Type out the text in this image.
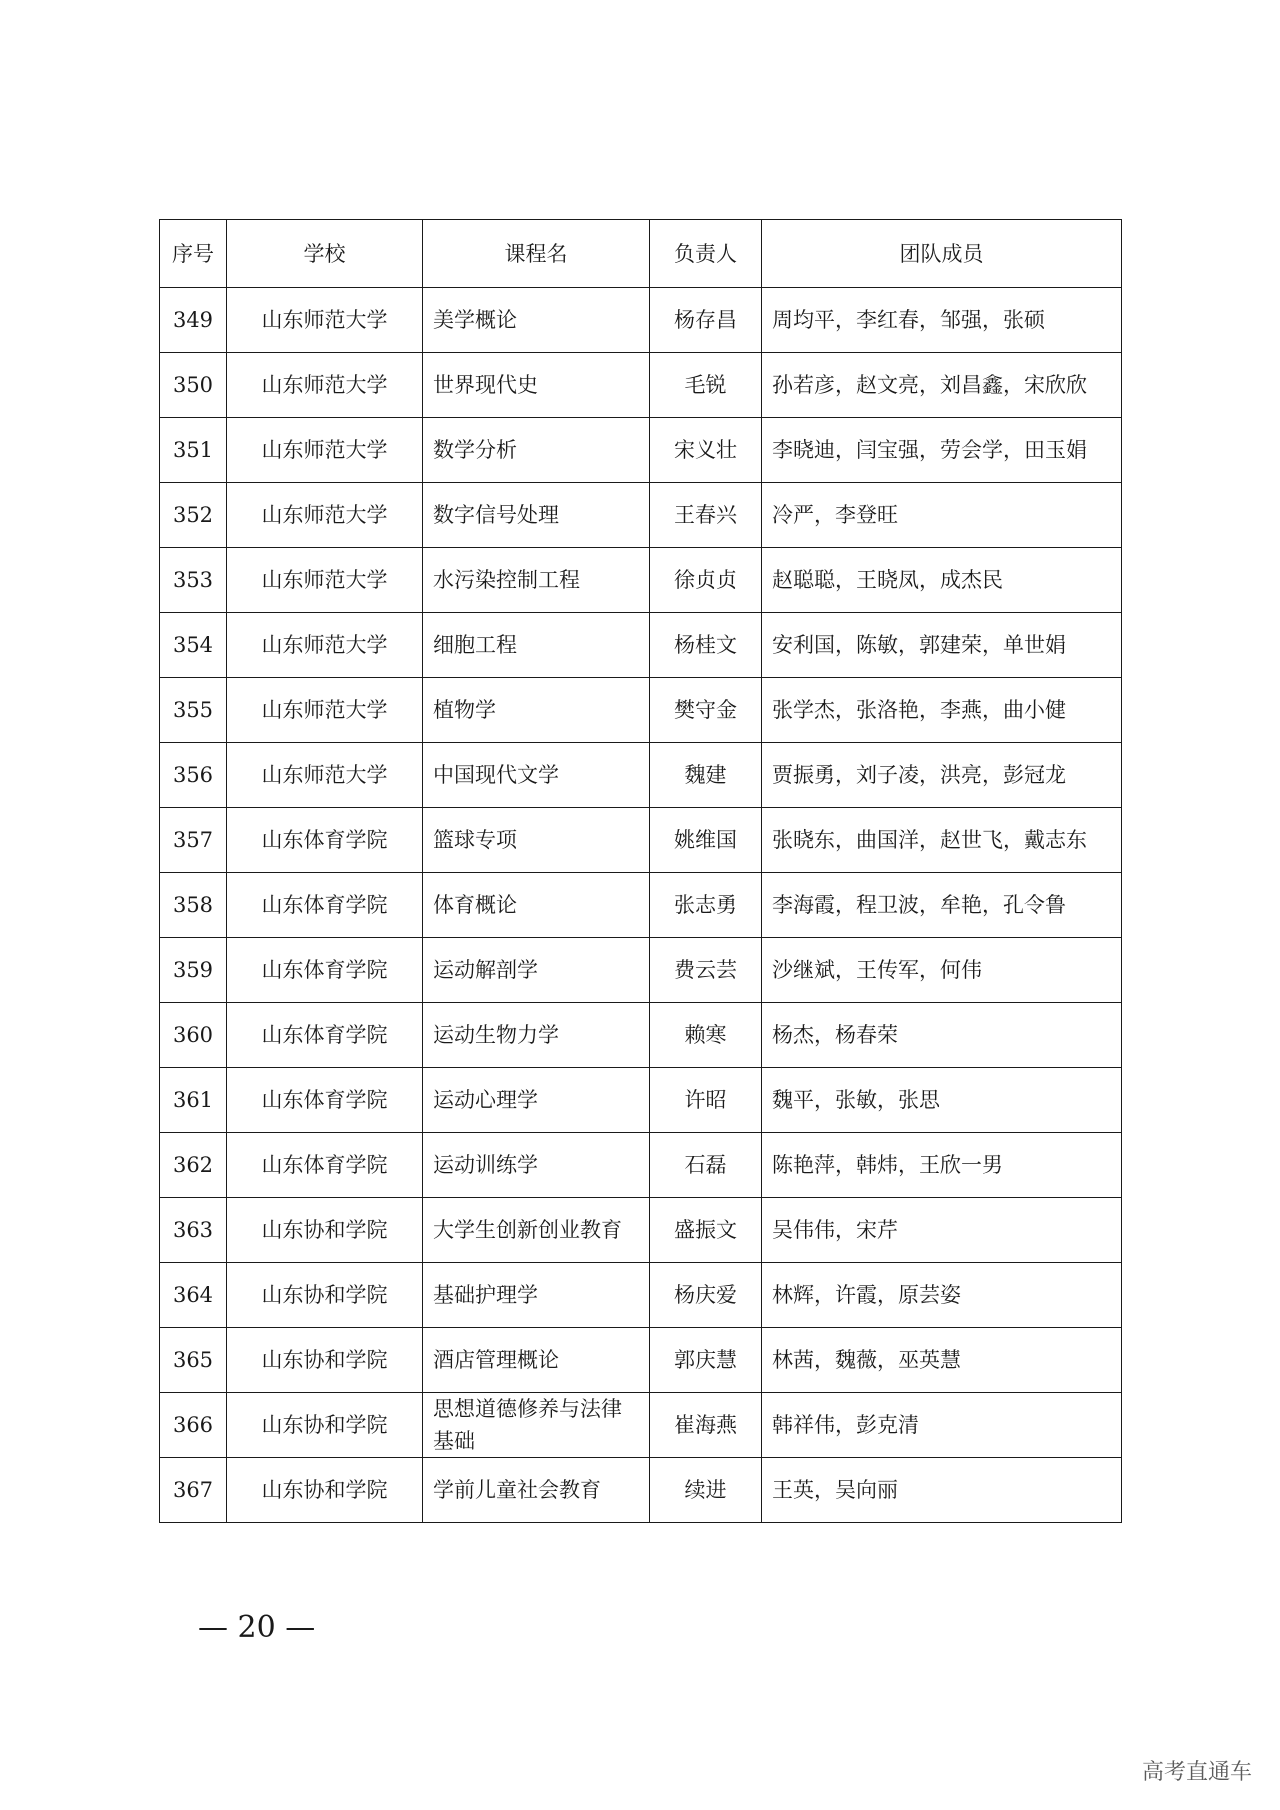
序号	学校	课程名	负责人	团队成员
349	山东师范大学	美学概论	杨存昌	周均平，李红春，邹强，张硕
350	山东师范大学	世界现代史	毛锐	孙若彦，赵文亮，刘昌鑫，宋欣欣
351	山东师范大学	数学分析	宋义壮	李晓迪，闫宝强，劳会学，田玉娟
352	山东师范大学	数字信号处理	王春兴	冷严，李登旺
353	山东师范大学	水污染控制工程	徐贞贞	赵聪聪，王晓凤，成杰民
354	山东师范大学	细胞工程	杨桂文	安利国，陈敏，郭建荣，单世娟
355	山东师范大学	植物学	樊守金	张学杰，张洛艳，李燕，曲小健
356	山东师范大学	中国现代文学	魏建	贾振勇，刘子凌，洪亮，彭冠龙
357	山东体育学院	篮球专项	姚维国	张晓东，曲国洋，赵世飞，戴志东
358	山东体育学院	体育概论	张志勇	李海霞，程卫波，牟艳，孔令鲁
359	山东体育学院	运动解剖学	费云芸	沙继斌，王传军，何伟
360	山东体育学院	运动生物力学	赖寒	杨杰，杨春荣
361	山东体育学院	运动心理学	许昭	魏平，张敏，张思
362	山东体育学院	运动训练学	石磊	陈艳萍，韩炜，王欣一男
363	山东协和学院	大学生创新创业教育	盛振文	吴伟伟，宋芹
364	山东协和学院	基础护理学	杨庆爱	林辉，许霞，原芸姿
365	山东协和学院	酒店管理概论	郭庆慧	林茜，魏薇，巫英慧
366	山东协和学院	思想道德修养与法律基础	崔海燕	韩祥伟，彭克清
367	山东协和学院	学前儿童社会教育	续进	王英，吴向丽
— 20 —
高考直通车
